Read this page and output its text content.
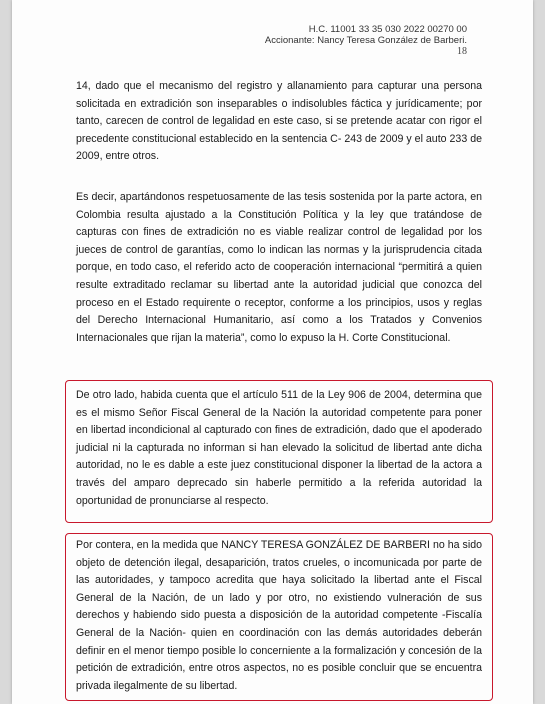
H.C. 11001 33 35 030 2022 00270 00
Accionante: Nancy Teresa González de Barberi.
18

14, dado que el mecanismo del registro y allanamiento para capturar una persona solicitada en extradición son inseparables o indisolubles fáctica y jurídicamente; por tanto, carecen de control de legalidad en este caso, si se pretende acatar con rigor el precedente constitucional establecido en la sentencia C- 243 de 2009 y el auto 233 de 2009, entre otros.

Es decir, apartándonos respetuosamente de las tesis sostenida por la parte actora, en Colombia resulta ajustado a la Constitución Política y la ley que tratándose de capturas con fines de extradición no es viable realizar control de legalidad por los jueces de control de garantías, como lo indican las normas y la jurisprudencia citada porque, en todo caso, el referido acto de cooperación internacional “permitirá a quien resulte extraditado reclamar su libertad ante la autoridad judicial que conozca del proceso en el Estado requirente o receptor, conforme a los principios, usos y reglas del Derecho Internacional Humanitario, así como a los Tratados y Convenios Internacionales que rijan la materia”, como lo expuso la H. Corte Constitucional.

De otro lado, habida cuenta que el artículo 511 de la Ley 906 de 2004, determina que es el mismo Señor Fiscal General de la Nación la autoridad competente para poner en libertad incondicional al capturado con fines de extradición, dado que el apoderado judicial ni la capturada no informan si han elevado la solicitud de libertad ante dicha autoridad, no le es dable a este juez constitucional disponer la libertad de la actora a través del amparo deprecado sin haberle permitido a la referida autoridad la oportunidad de pronunciarse al respecto.

Por contera, en la medida que NANCY TERESA GONZÁLEZ DE BARBERI no ha sido objeto de detención ilegal, desaparición, tratos crueles, o incomunicada por parte de las autoridades, y tampoco acredita que haya solicitado la libertad ante el Fiscal General de la Nación, de un lado y por otro, no existiendo vulneración de sus derechos y habiendo sido puesta a disposición de la autoridad competente -Fiscalía General de la Nación- quien en coordinación con las demás autoridades deberán definir en el menor tiempo posible lo concerniente a la formalización y concesión de la petición de extradición, entre otros aspectos, no es posible concluir que se encuentra privada ilegalmente de su libertad.
